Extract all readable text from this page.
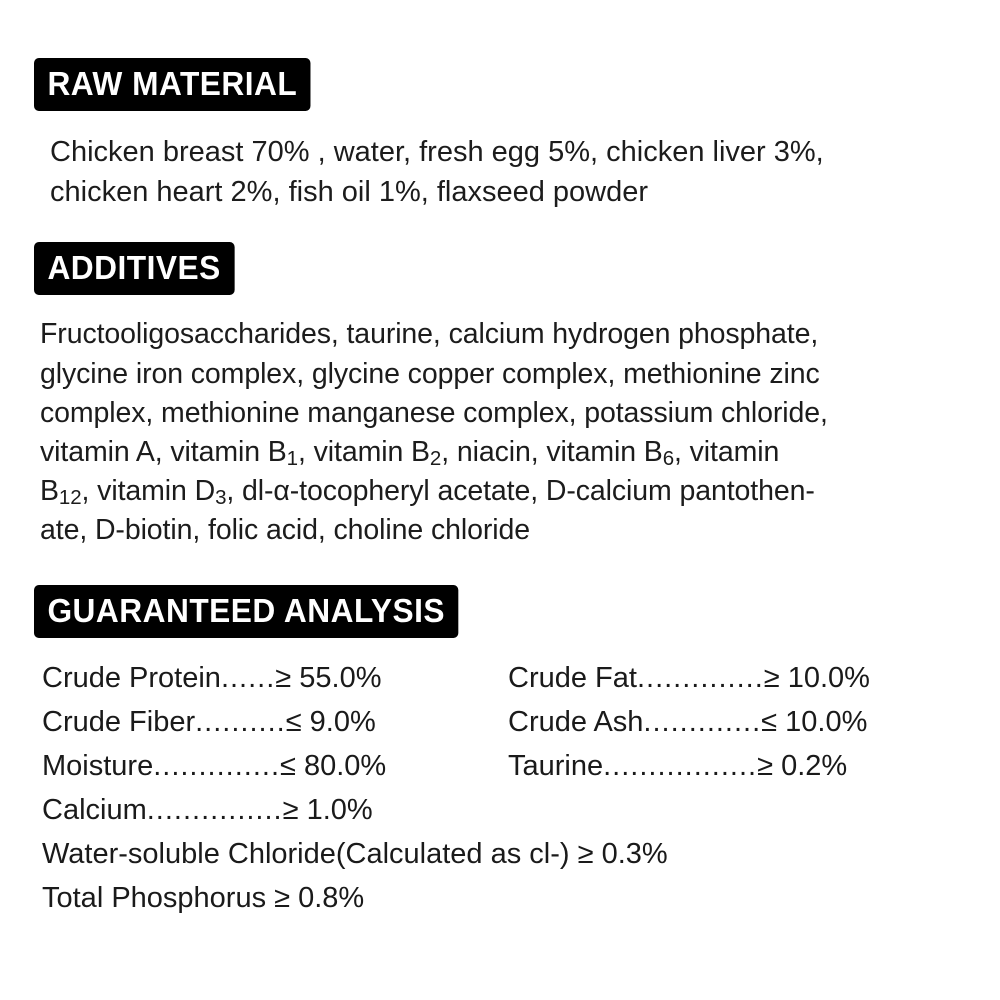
RAW MATERIAL
Chicken breast 70% , water, fresh egg 5%, chicken liver 3%,
chicken heart 2%, fish oil 1%, flaxseed powder
ADDITIVES
Fructooligosaccharides, taurine, calcium hydrogen phosphate,
glycine iron complex, glycine copper complex, methionine zinc
complex, methionine manganese complex, potassium chloride,
vitamin A, vitamin B1, vitamin B2, niacin, vitamin B6, vitamin
B12, vitamin D3, dl-α-tocopheryl acetate, D-calcium pantothen-
ate, D-biotin, folic acid, choline chloride
GUARANTEED ANALYSIS
Crude Protein ...... ≥ 55.0%
Crude Fiber .......... ≤ 9.0%
Moisture .............. ≤ 80.0%
Calcium ............... ≥ 1.0%
Crude Fat .............. ≥ 10.0%
Crude Ash ............. ≤ 10.0%
Taurine ................. ≥ 0.2%
Water-soluble Chloride(Calculated as cl-) ≥ 0.3%
Total Phosphorus ≥ 0.8%
